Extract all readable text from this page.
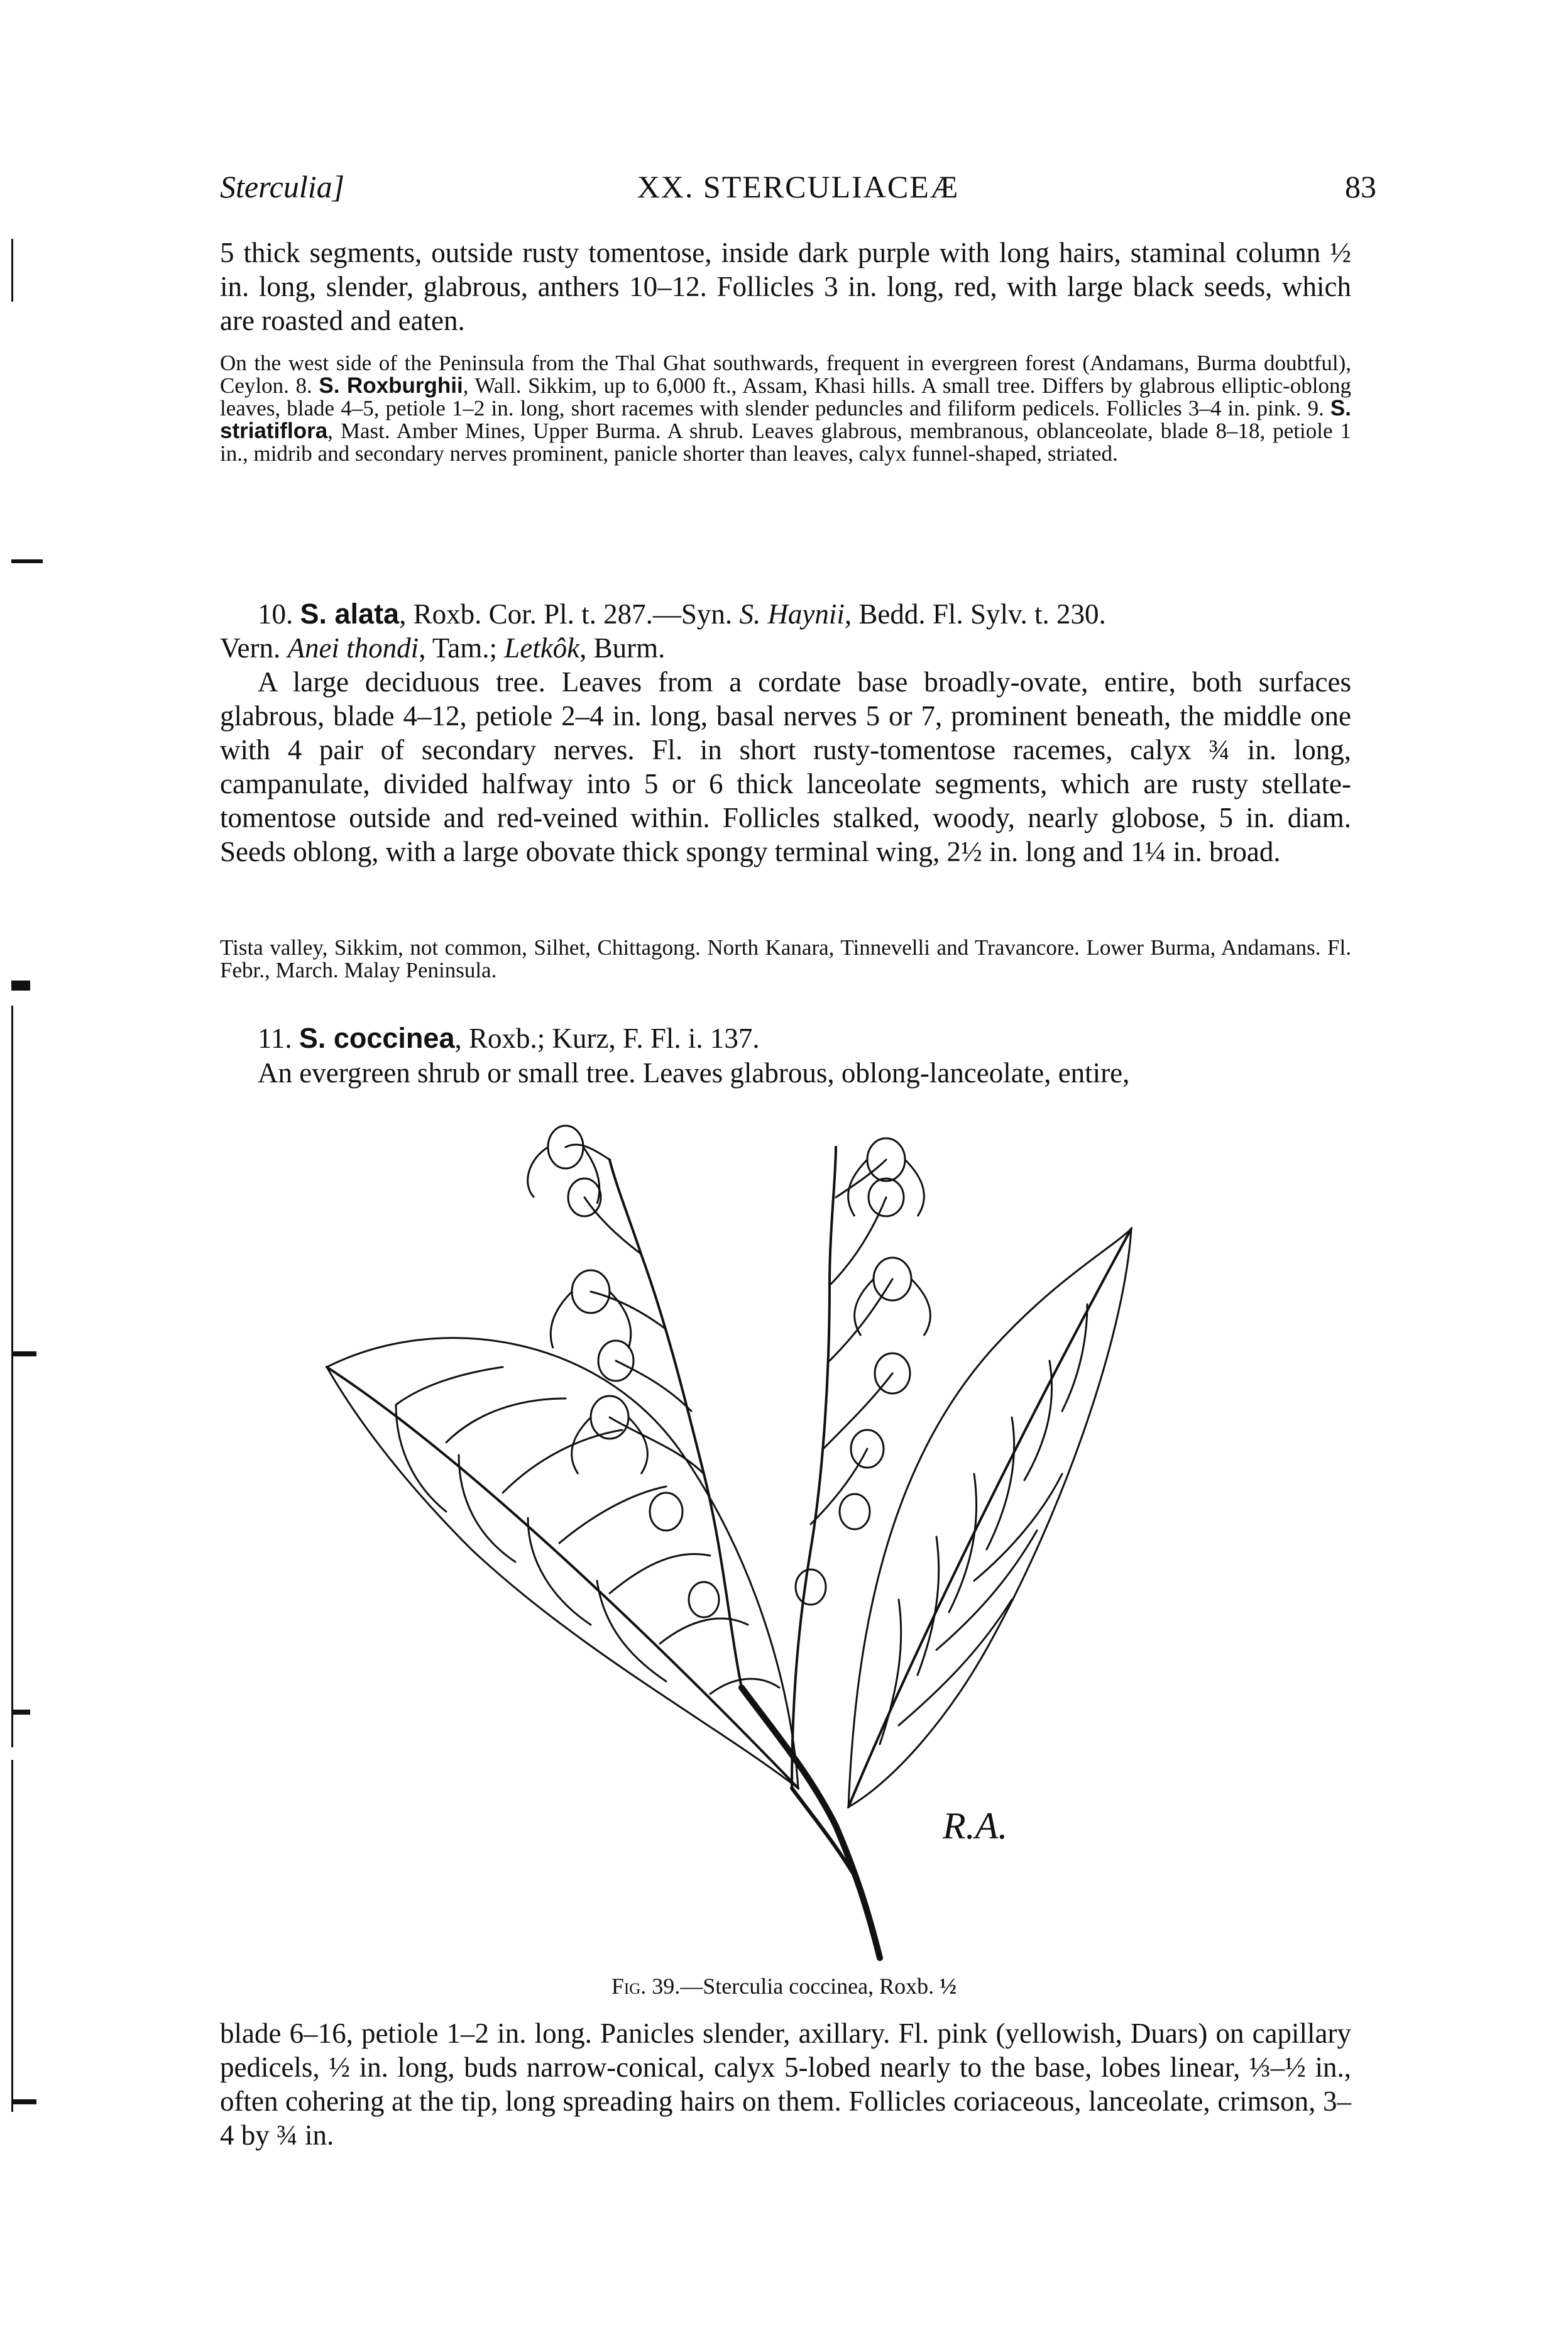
Sterculia]	XX. STERCULIACEÆ	83

5 thick segments, outside rusty tomentose, inside dark purple with long hairs, staminal column ½ in. long, slender, glabrous, anthers 10–12. Follicles 3 in. long, red, with large black seeds, which are roasted and eaten.

On the west side of the Peninsula from the Thal Ghat southwards, frequent in evergreen forest (Andamans, Burma doubtful), Ceylon. 8. S. Roxburghii, Wall. Sikkim, up to 6,000 ft., Assam, Khasi hills. A small tree. Differs by glabrous elliptic-oblong leaves, blade 4–5, petiole 1–2 in. long, short racemes with slender peduncles and filiform pedicels. Follicles 3–4 in. pink. 9. S. striatiflora, Mast. Amber Mines, Upper Burma. A shrub. Leaves glabrous, membranous, oblanceolate, blade 8–18, petiole 1 in., midrib and secondary nerves prominent, panicle shorter than leaves, calyx funnel-shaped, striated.

10. S. alata, Roxb. Cor. Pl. t. 287.—Syn. S. Haynii, Bedd. Fl. Sylv. t. 230.
Vern. Anei thondi, Tam.; Letkôk, Burm.

A large deciduous tree. Leaves from a cordate base broadly-ovate, entire, both surfaces glabrous, blade 4–12, petiole 2–4 in. long, basal nerves 5 or 7, prominent beneath, the middle one with 4 pair of secondary nerves. Fl. in short rusty-tomentose racemes, calyx ¾ in. long, campanulate, divided halfway into 5 or 6 thick lanceolate segments, which are rusty stellate-tomentose outside and red-veined within. Follicles stalked, woody, nearly globose, 5 in. diam. Seeds oblong, with a large obovate thick spongy terminal wing, 2½ in. long and 1¼ in. broad.

Tista valley, Sikkim, not common, Silhet, Chittagong. North Kanara, Tinnevelli and Travancore. Lower Burma, Andamans. Fl. Febr., March. Malay Peninsula.

11. S. coccinea, Roxb.; Kurz, F. Fl. i. 137.

An evergreen shrub or small tree. Leaves glabrous, oblong-lanceolate, entire,

R.A.
Fig. 39.—Sterculia coccinea, Roxb. ½

blade 6–16, petiole 1–2 in. long. Panicles slender, axillary. Fl. pink (yellowish, Duars) on capillary pedicels, ½ in. long, buds narrow-conical, calyx 5-lobed nearly to the base, lobes linear, ⅓–½ in., often cohering at the tip, long spreading hairs on them. Follicles coriaceous, lanceolate, crimson, 3–4 by ¾ in.
